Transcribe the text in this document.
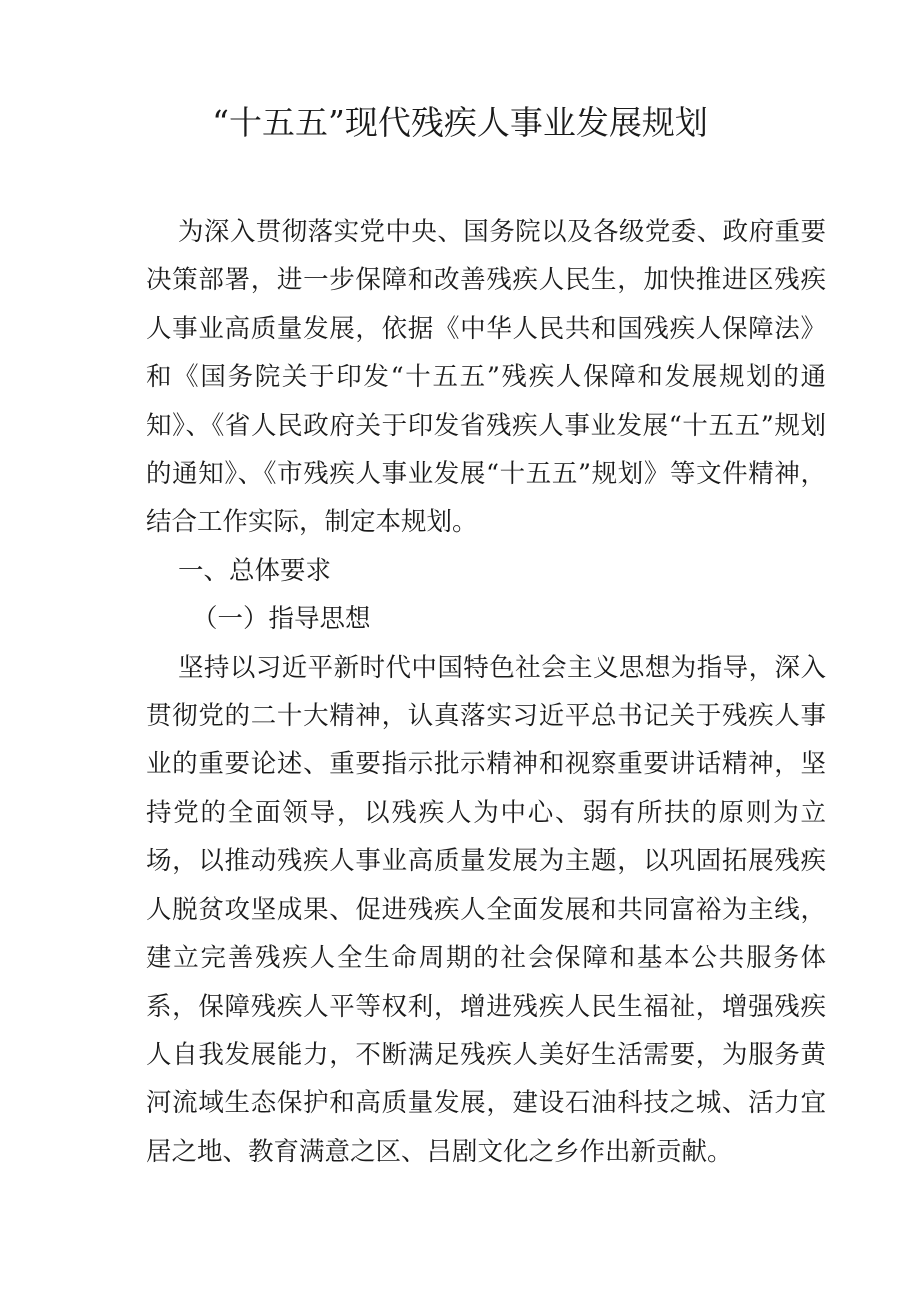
“十五五”现代残疾人事业发展规划

为深入贯彻落实党中央、国务院以及各级党委、政府重要决策部署，进一步保障和改善残疾人民生，加快推进区残疾人事业高质量发展，依据《中华人民共和国残疾人保障法》和《国务院关于印发“十五五”残疾人保障和发展规划的通知》、《省人民政府关于印发省残疾人事业发展“十五五”规划的通知》、《市残疾人事业发展“十五五”规划》等文件精神，结合工作实际，制定本规划。

一、总体要求

（一）指导思想

坚持以习近平新时代中国特色社会主义思想为指导，深入贯彻党的二十大精神，认真落实习近平总书记关于残疾人事业的重要论述、重要指示批示精神和视察重要讲话精神，坚持党的全面领导，以残疾人为中心、弱有所扶的原则为立场，以推动残疾人事业高质量发展为主题，以巩固拓展残疾人脱贫攻坚成果、促进残疾人全面发展和共同富裕为主线，建立完善残疾人全生命周期的社会保障和基本公共服务体系，保障残疾人平等权利，增进残疾人民生福祉，增强残疾人自我发展能力，不断满足残疾人美好生活需要，为服务黄河流域生态保护和高质量发展，建设石油科技之城、活力宜居之地、教育满意之区、吕剧文化之乡作出新贡献。
